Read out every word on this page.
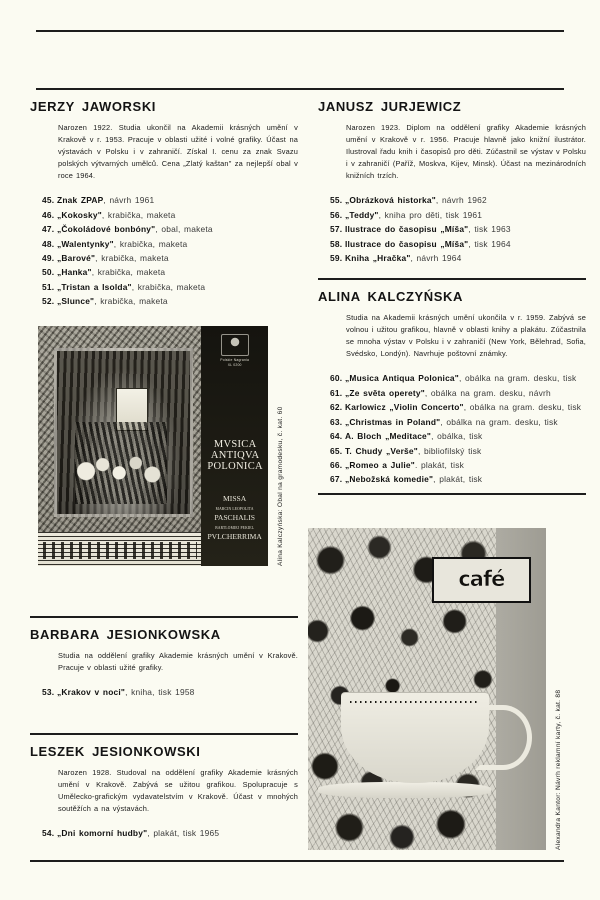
JERZY JAWORSKI

Narozen 1922. Studia ukončil na Akademii krásných umění v Krakově v r. 1953. Pracuje v oblasti užité i volné grafiky. Účast na výstavách v Polsku i v zahraničí. Získal I. cenu za znak Svazu polských výtvarných umělců. Cena „Zlatý kaštan" za nejlepší obal v roce 1964.

45. Znak ZPAP, návrh 1961
46. „Kokosky", krabička, maketa
47. „Čokoládové bonbóny", obal, maketa
48. „Walentynky", krabička, maketa
49. „Barové", krabička, maketa
50. „Hanka", krabička, maketa
51. „Tristan a Isolda", krabička, maketa
52. „Slunce", krabička, maketa
JANUSZ JURJEWICZ

Narozen 1923. Diplom na oddělení grafiky Akademie krásných umění v Krakově v r. 1956. Pracuje hlavně jako knižní ilustrátor. Ilustroval řadu knih i časopisů pro děti. Zúčastnil se výstav v Polsku i v zahraničí (Paříž, Moskva, Kijev, Minsk). Účast na mezinárodních knižních trzích.

55. „Obrázková historka", návrh 1962
56. „Teddy", kniha pro děti, tisk 1961
57. Ilustrace do časopisu „Míša", tisk 1963
58. Ilustrace do časopisu „Míša", tisk 1964
59. Kniha „Hračka", návrh 1964
ALINA KALCZYŃSKA

Studia na Akademii krásných umění ukončila v r. 1959. Zabývá se volnou i užitou grafikou, hlavně v oblasti knihy a plakátu. Zúčastnila se mnoha výstav v Polsku i v zahraničí (New York, Bělehrad, Sofia, Svédsko, Londýn). Navrhuje poštovní známky.

60. „Musica Antiqua Polonica", obálka na gram. desku, tisk
61. „Ze světa operety", obálka na gram. desku, návrh
62. Karlowicz „Violin Concerto", obálka na gram. desku, tisk
63. „Christmas in Poland", obálka na gram. desku, tisk
64. A. Bloch „Meditace", obálka, tisk
65. T. Chudy „Verše", bibliofilský tisk
66. „Romeo a Julie". plakát, tisk
67. „Nebožská komedie", plakát, tisk
Polskie Nagrania
XL 0200
MVSICA
ANTIQVA
POLONICA
MISSA
MARCIN LEOPOLITA
PASCHALIS
BARTLOMIEJ PEKIEL
PVLCHERRIMA	Alina Kalczyńska: Obal na gramodesku, č. kat. 60
café
Alexandra Kantor: Návrh reklamní karty, č. kat. 88
BARBARA JESIONKOWSKA

Studia na oddělení grafiky Akademie krásných umění v Krakově. Pracuje v oblasti užité grafiky.

53. „Krakov v noci", kniha, tisk 1958
LESZEK JESIONKOWSKI

Narozen 1928. Studoval na oddělení grafiky Akademie krásných umění v Krakově. Zabývá se užitou grafikou. Spolupracuje s Umělecko-grafickým vydavatelstvím v Krakově. Účast v mnohých soutěžích a na výstavách.

54. „Dni komorní hudby", plakát, tisk 1965
